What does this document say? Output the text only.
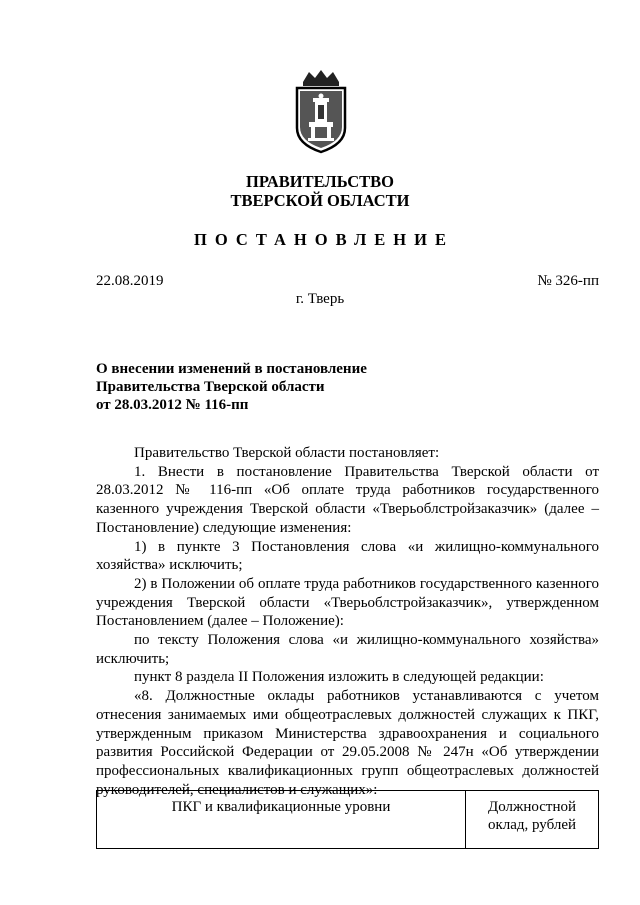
ПРАВИТЕЛЬСТВО
ТВЕРСКОЙ ОБЛАСТИ
ПОСТАНОВЛЕНИЕ
22.08.2019	№ 326-пп
г. Тверь
О внесении изменений в постановление
Правительства Тверской области
от 28.03.2012 № 116-пп

Правительство Тверской области постановляет:

1. Внести в постановление Правительства Тверской области от 28.03.2012 № 116-пп «Об оплате труда работников государственного казенного учреждения Тверской области «Тверьоблстройзаказчик» (далее – Постановление) следующие изменения:

1) в пункте 3 Постановления слова «и жилищно-коммунального хозяйства» исключить;

2) в Положении об оплате труда работников государственного казенного учреждения Тверской области «Тверьоблстройзаказчик», утвержденном Постановлением (далее – Положение):

по тексту Положения слова «и жилищно-коммунального хозяйства» исключить;

пункт 8 раздела II Положения изложить в следующей редакции:

«8. Должностные оклады работников устанавливаются с учетом отнесения занимаемых ими общеотраслевых должностей служащих к ПКГ, утвержденным приказом Министерства здравоохранения и социального развития Российской Федерации от 29.05.2008 № 247н «Об утверждении профессиональных квалификационных групп общеотраслевых должностей руководителей, специалистов и служащих»:

ПКГ и квалификационные уровни	Должностной
оклад, рублей
